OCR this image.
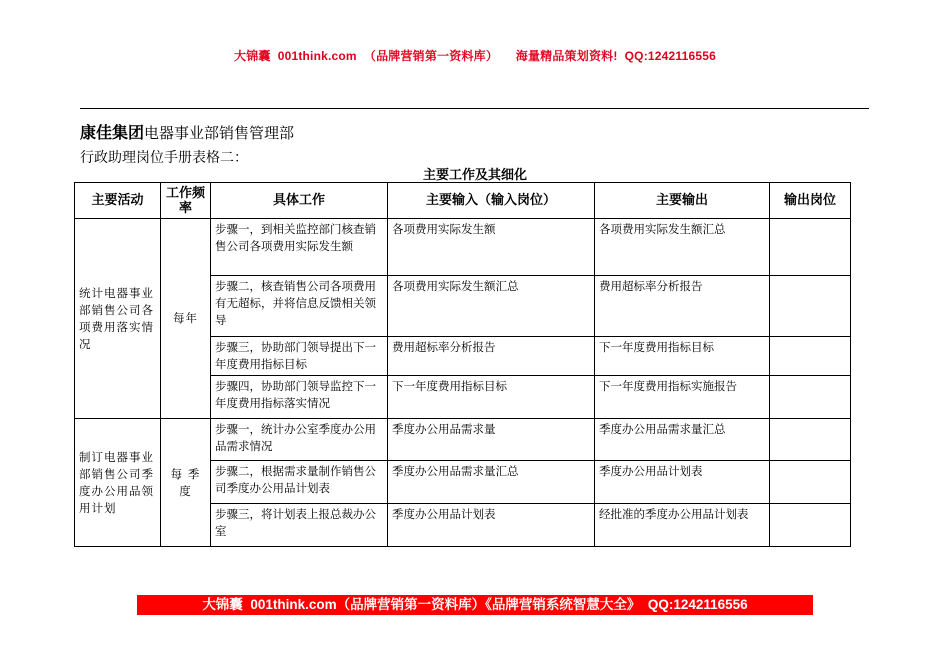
大锦囊  001think.com （品牌营销第一资料库） 海量精品策划资料! QQ:1242116556
康佳集团电器事业部销售管理部
行政助理岗位手册表格二：
主要工作及其细化
主要活动	工作频率	具体工作	主要输入（输入岗位）	主要输出	输出岗位
统计电器事业部销售公司各项费用落实情况	每年	步骤一，到相关监控部门核查销售公司各项费用实际发生额	各项费用实际发生额	各项费用实际发生额汇总	
		步骤二，核查销售公司各项费用有无超标，并将信息反馈相关领导	各项费用实际发生额汇总	费用超标率分析报告	
		步骤三，协助部门领导提出下一年度费用指标目标	费用超标率分析报告	下一年度费用指标目标	
		步骤四，协助部门领导监控下一年度费用指标落实情况	下一年度费用指标目标	下一年度费用指标实施报告	
制订电器事业部销售公司季度办公用品领用计划	每 季度	步骤一，统计办公室季度办公用品需求情况	季度办公用品需求量	季度办公用品需求量汇总	
		步骤二，根据需求量制作销售公司季度办公用品计划表	季度办公用品需求量汇总	季度办公用品计划表	
		步骤三，将计划表上报总裁办公室	季度办公用品计划表	经批准的季度办公用品计划表	
大锦囊  001think.com（品牌营销第一资料库）《品牌营销系统智慧大全》  QQ:1242116556
